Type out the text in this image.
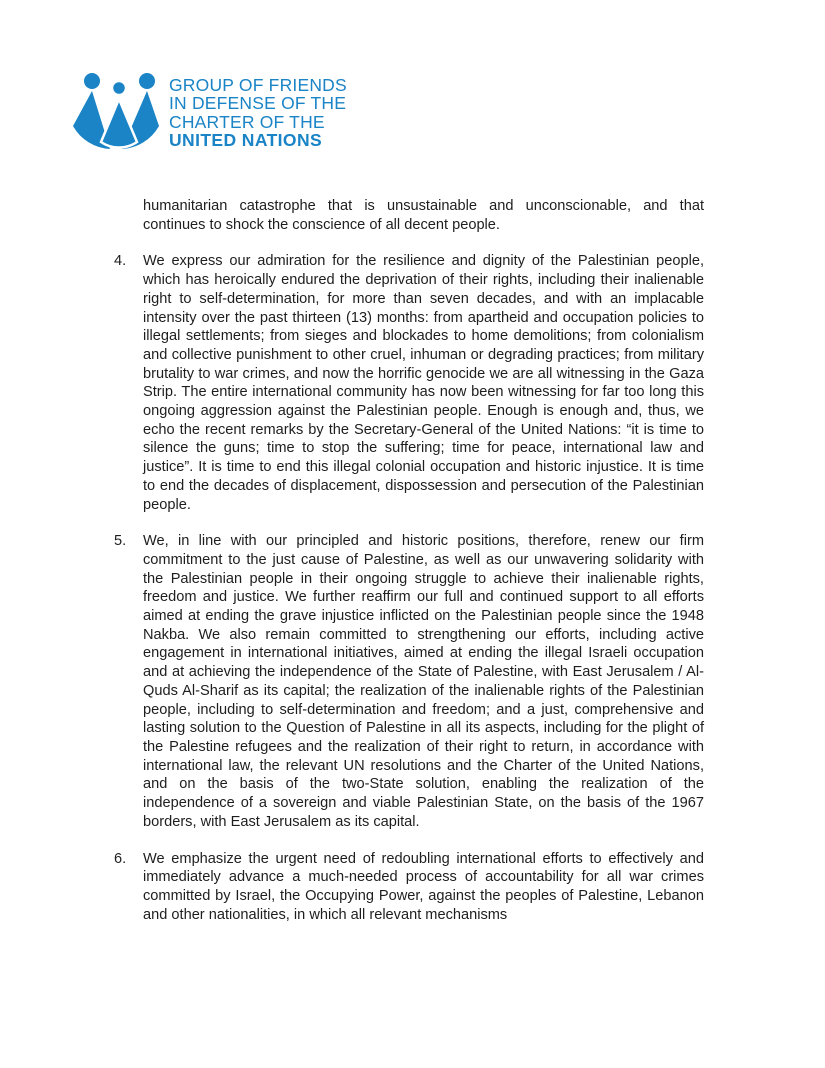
GROUP OF FRIENDS
IN DEFENSE OF THE
CHARTER OF THE
UNITED NATIONS

humanitarian catastrophe that is unsustainable and unconscionable, and that continues to shock the conscience of all decent people.

4.	We express our admiration for the resilience and dignity of the Palestinian people, which has heroically endured the deprivation of their rights, including their inalienable right to self-determination, for more than seven decades, and with an implacable intensity over the past thirteen (13) months: from apartheid and occupation policies to illegal settlements; from sieges and blockades to home demolitions; from colonialism and collective punishment to other cruel, inhuman or degrading practices; from military brutality to war crimes, and now the horrific genocide we are all witnessing in the Gaza Strip. The entire international community has now been witnessing for far too long this ongoing aggression against the Palestinian people. Enough is enough and, thus, we echo the recent remarks by the Secretary-General of the United Nations: “it is time to silence the guns; time to stop the suffering; time for peace, international law and justice”. It is time to end this illegal colonial occupation and historic injustice. It is time to end the decades of displacement, dispossession and persecution of the Palestinian people.

5.	We, in line with our principled and historic positions, therefore, renew our firm commitment to the just cause of Palestine, as well as our unwavering solidarity with the Palestinian people in their ongoing struggle to achieve their inalienable rights, freedom and justice. We further reaffirm our full and continued support to all efforts aimed at ending the grave injustice inflicted on the Palestinian people since the 1948 Nakba. We also remain committed to strengthening our efforts, including active engagement in international initiatives, aimed at ending the illegal Israeli occupation and at achieving the independence of the State of Palestine, with East Jerusalem / Al-Quds Al-Sharif as its capital; the realization of the inalienable rights of the Palestinian people, including to self-determination and freedom; and a just, comprehensive and lasting solution to the Question of Palestine in all its aspects, including for the plight of the Palestine refugees and the realization of their right to return, in accordance with international law, the relevant UN resolutions and the Charter of the United Nations, and on the basis of the two-State solution, enabling the realization of the independence of a sovereign and viable Palestinian State, on the basis of the 1967 borders, with East Jerusalem as its capital.

6.	We emphasize the urgent need of redoubling international efforts to effectively and immediately advance a much-needed process of accountability for all war crimes committed by Israel, the Occupying Power, against the peoples of Palestine, Lebanon and other nationalities, in which all relevant mechanisms
